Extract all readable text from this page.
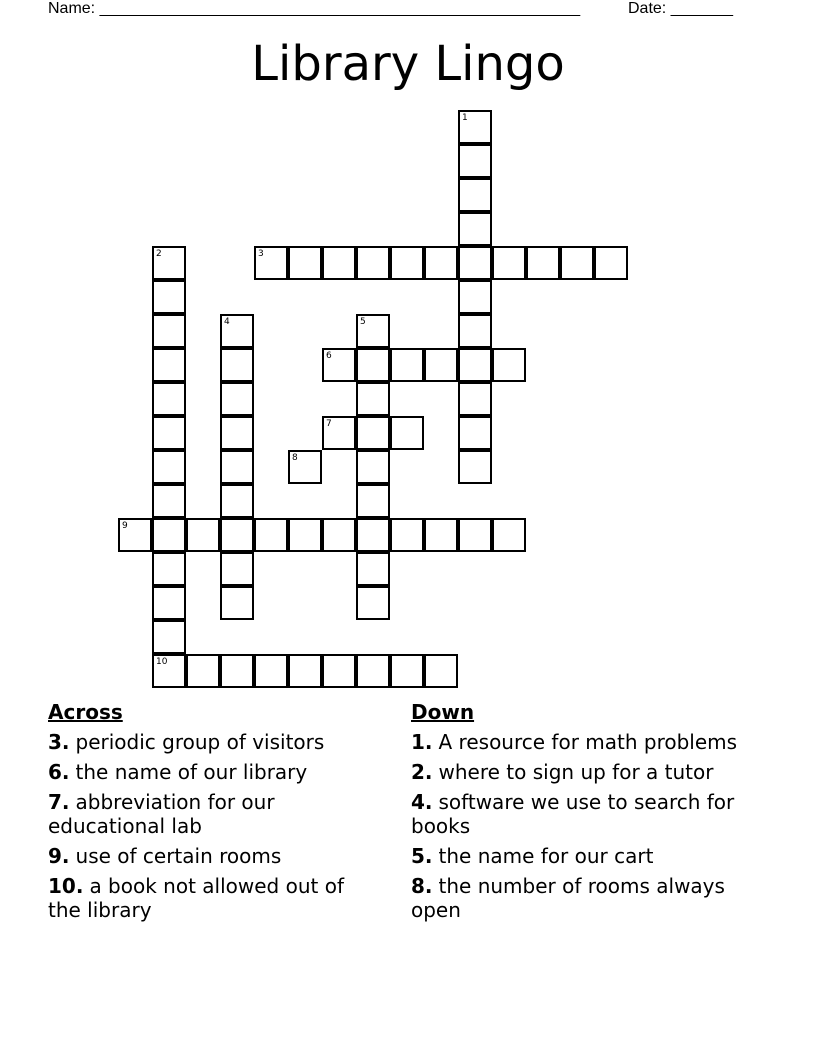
Name: ______________________________________________________	Date: _______
Library Lingo
1
2
10
3
4	5
6
7
8
9
Across
3. periodic group of visitors
6. the name of our library
7. abbreviation for our educational lab
9. use of certain rooms
10. a book not allowed out of the library
Down
1. A resource for math problems
2. where to sign up for a tutor
4. software we use to search for books
5. the name for our cart
8. the number of rooms always open
